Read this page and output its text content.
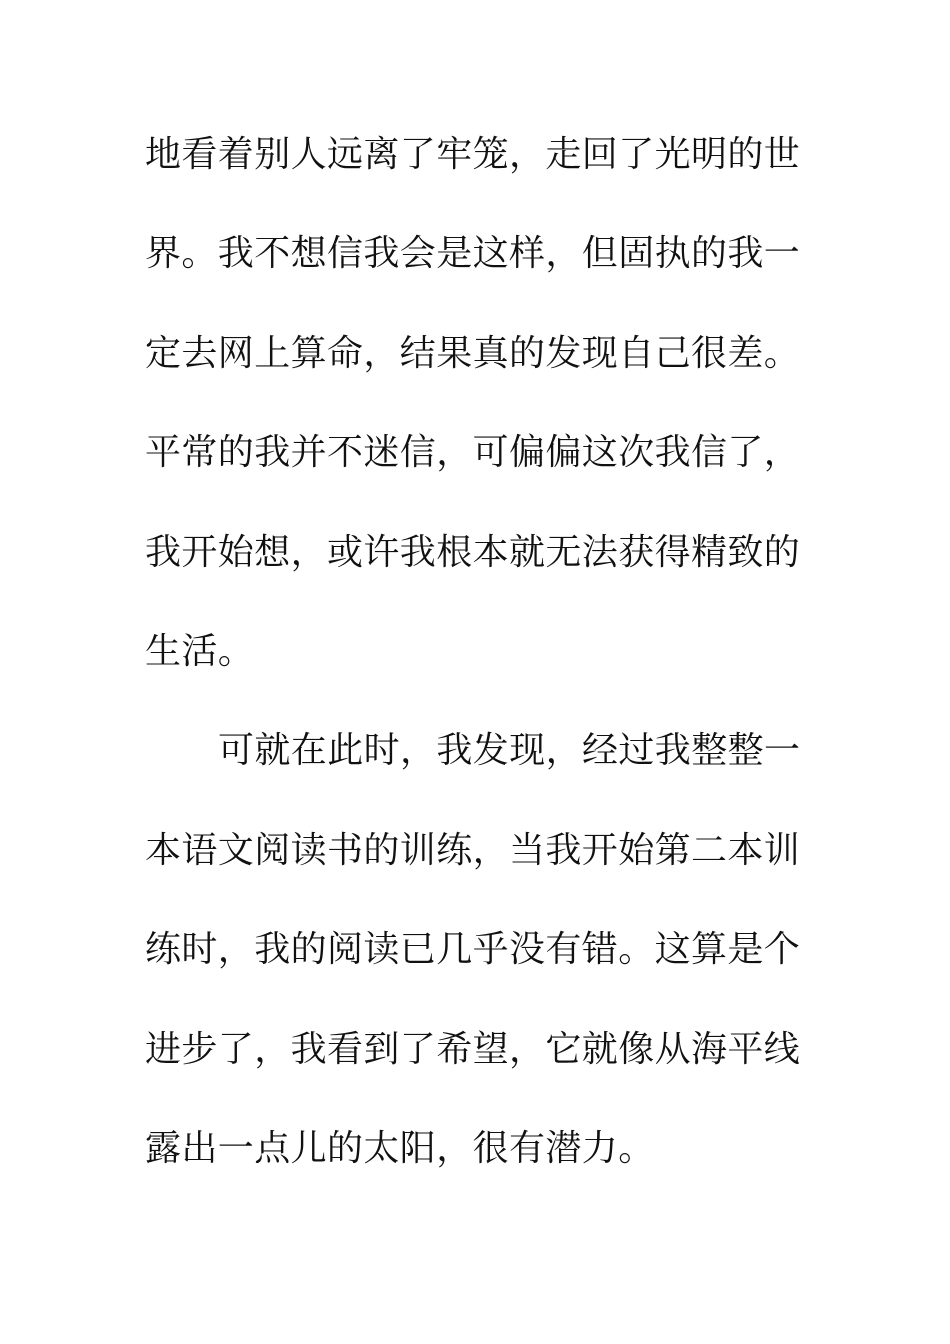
地看着别人远离了牢笼，走回了光明的世
界。我不想信我会是这样，但固执的我一
定去网上算命，结果真的发现自己很差。
平常的我并不迷信，可偏偏这次我信了，
我开始想，或许我根本就无法获得精致的
生活。
可就在此时，我发现，经过我整整一
本语文阅读书的训练，当我开始第二本训
练时，我的阅读已几乎没有错。这算是个
进步了，我看到了希望，它就像从海平线
露出一点儿的太阳，很有潜力。
